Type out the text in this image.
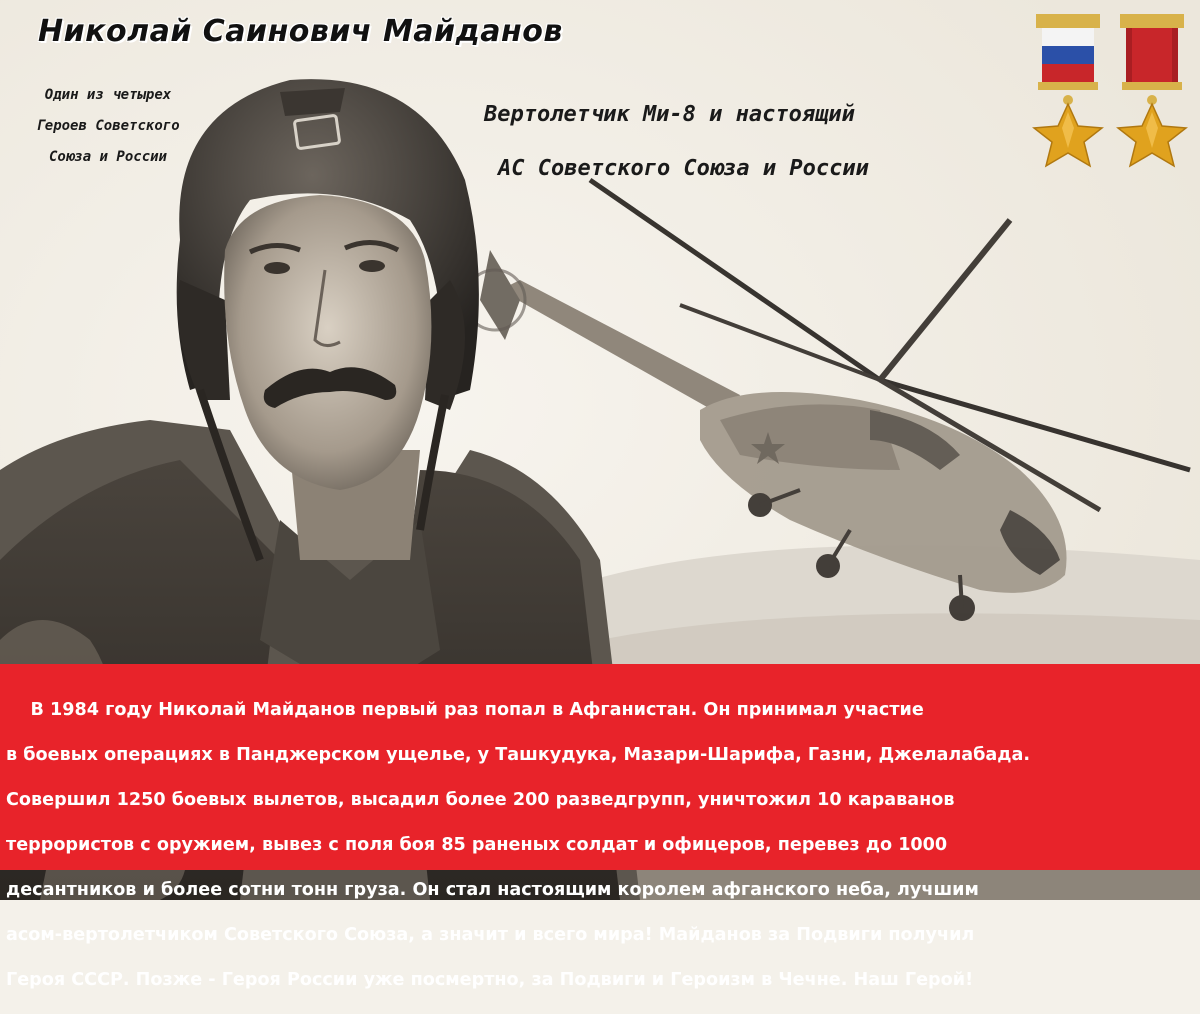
Николай Саинович Майданов
Один из четырех
Героев Советского
Союза и России
Вертолетчик Ми-8 и настоящий
АС Советского Союза и России

В 1984 году Николай Майданов первый раз попал в Афганистан. Он принимал участие

в боевых операциях в Панджерском ущелье, у Ташкудука, Мазари-Шарифа, Газни, Джелалабада.

Совершил 1250 боевых вылетов, высадил более 200 разведгрупп, уничтожил 10 караванов

террористов с оружием, вывез с поля боя 85 раненых солдат и офицеров, перевез до 1000

десантников и более сотни тонн груза. Он стал настоящим королем афганского неба, лучшим

асом-вертолетчиком Советского Союза, а значит и всего мира! Майданов за Подвиги получил

Героя СССР. Позже - Героя России уже посмертно, за Подвиги и Героизм в Чечне. Наш Герой!
